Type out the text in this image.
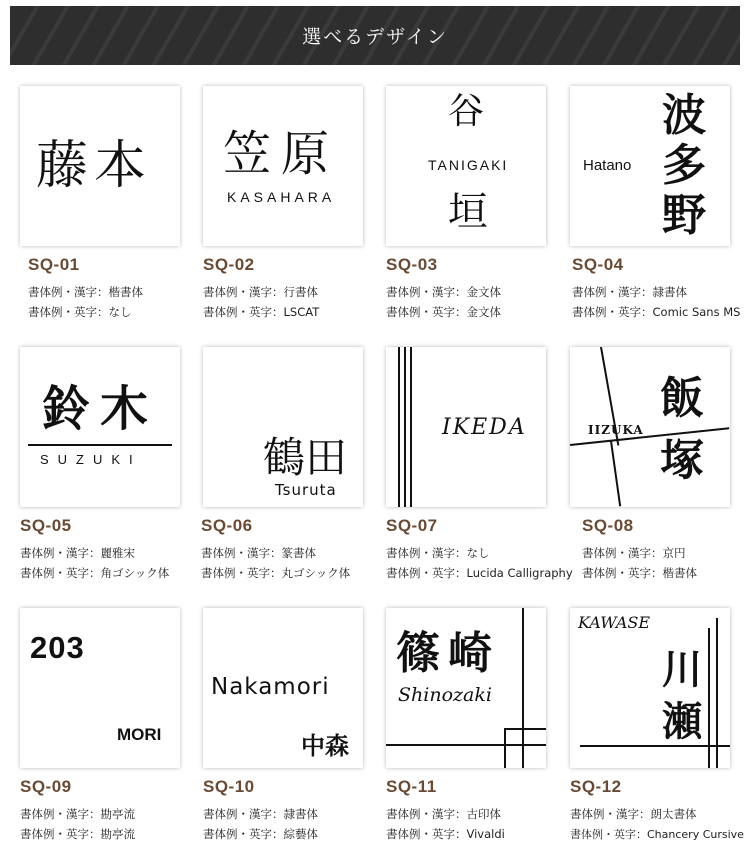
選べるデザイン
藤本
SQ-01
書体例・漢字：楷書体
書体例・英字：なし
笠原
KASAHARA
SQ-02
書体例・漢字：行書体
書体例・英字：LSCAT
谷
TANIGAKI
垣
SQ-03
書体例・漢字：金文体
書体例・英字：金文体
Hatano
波
多
野
SQ-04
書体例・漢字：隷書体
書体例・英字：Comic Sans MS
鈴木
SUZUKI
SQ-05
書体例・漢字：麗雅宋
書体例・英字：角ゴシック体
鶴田
Tsuruta
SQ-06
書体例・漢字：篆書体
書体例・英字：丸ゴシック体
IKEDA
SQ-07
書体例・漢字：なし
書体例・英字：Lucida Calligraphy
IIZUKA
飯
塚
SQ-08
書体例・漢字：京円
書体例・英字：楷書体
203
MORI
SQ-09
書体例・漢字：勘亭流
書体例・英字：勘亭流
Nakamori
中森
SQ-10
書体例・漢字：隷書体
書体例・英字：綜藝体
篠崎
Shinozaki
SQ-11
書体例・漢字：古印体
書体例・英字：Vivaldi
KAWASE
川
瀬
SQ-12
書体例・漢字：朗太書体
書体例・英字：Chancery Cursive
